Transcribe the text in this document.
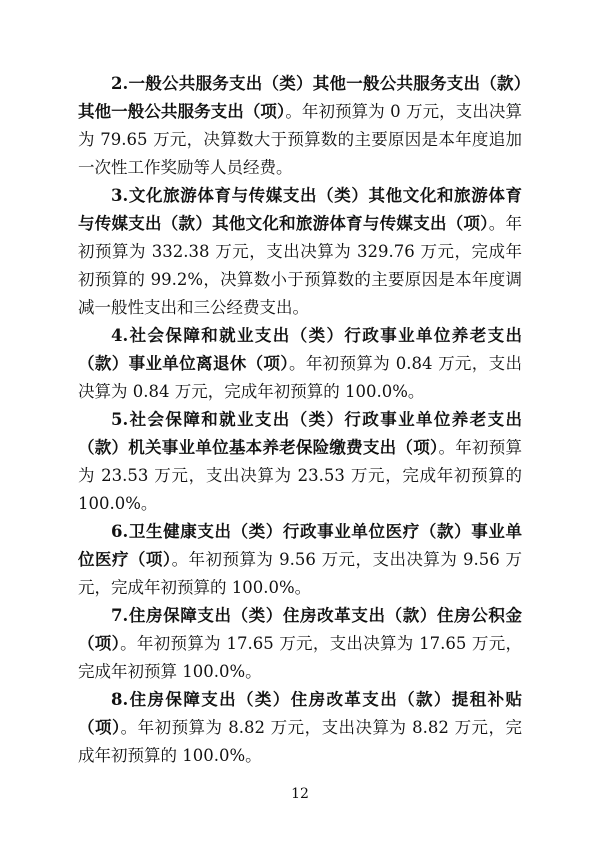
2.一般公共服务支出（类）其他一般公共服务支出（款）其他一般公共服务支出（项）。年初预算为 0 万元，支出决算为 79.65 万元，决算数大于预算数的主要原因是本年度追加一次性工作奖励等人员经费。

3.文化旅游体育与传媒支出（类）其他文化和旅游体育与传媒支出（款）其他文化和旅游体育与传媒支出（项）。年初预算为 332.38 万元，支出决算为 329.76 万元，完成年初预算的 99.2%，决算数小于预算数的主要原因是本年度调减一般性支出和三公经费支出。

4.社会保障和就业支出（类）行政事业单位养老支出（款）事业单位离退休（项）。年初预算为 0.84 万元，支出决算为 0.84 万元，完成年初预算的 100.0%。

5.社会保障和就业支出（类）行政事业单位养老支出（款）机关事业单位基本养老保险缴费支出（项）。年初预算为 23.53 万元，支出决算为 23.53 万元，完成年初预算的 100.0%。

6.卫生健康支出（类）行政事业单位医疗（款）事业单位医疗（项）。年初预算为 9.56 万元，支出决算为 9.56 万元，完成年初预算的 100.0%。

7.住房保障支出（类）住房改革支出（款）住房公积金（项）。年初预算为 17.65 万元，支出决算为 17.65 万元，完成年初预算 100.0%。

8.住房保障支出（类）住房改革支出（款）提租补贴（项）。年初预算为 8.82 万元，支出决算为 8.82 万元，完成年初预算的 100.0%。

12
